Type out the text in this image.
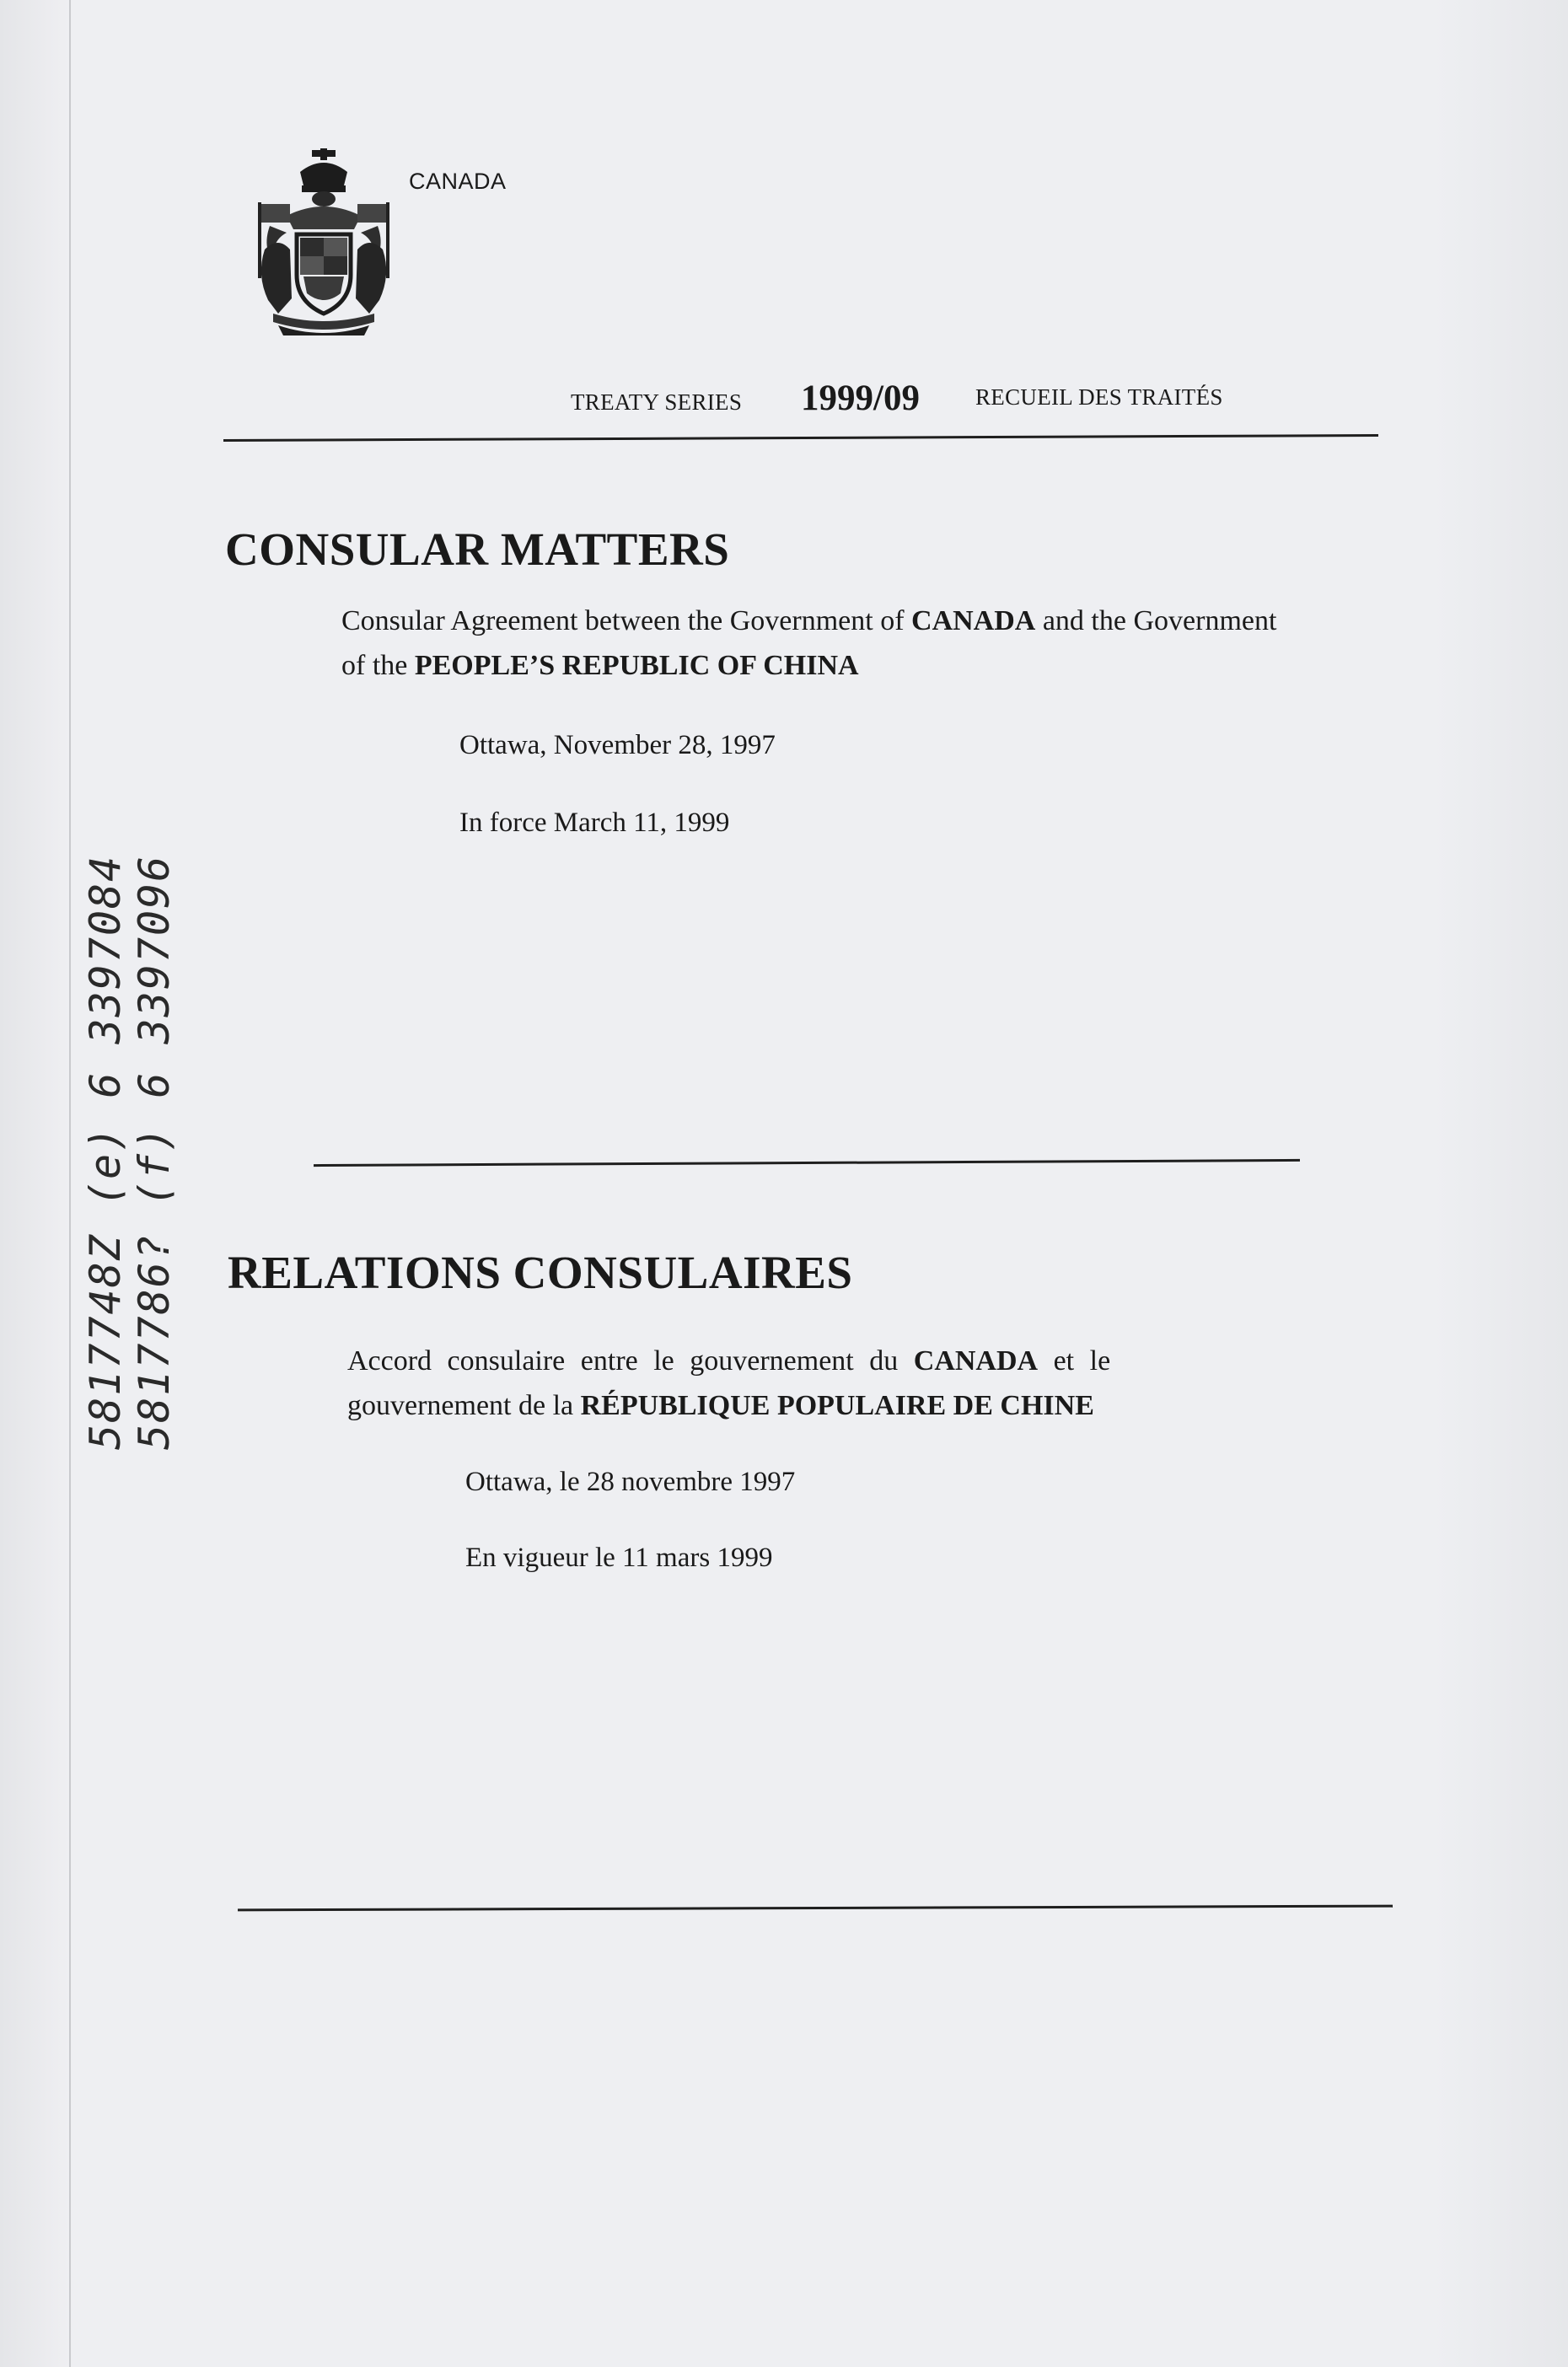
CANADA
TREATY SERIES 1999/09 RECUEIL DES TRAITÉS
CONSULAR MATTERS
Consular Agreement between the Government of CANADA and the Government
of the PEOPLE’S REPUBLIC OF CHINA
Ottawa, November 28, 1997
In force March 11, 1999
RELATIONS CONSULAIRES
Accord consulaire entre le gouvernement du CANADA et le
gouvernement de la RÉPUBLIQUE POPULAIRE DE CHINE
Ottawa, le 28 novembre 1997
En vigueur le 11 mars 1999
5817748Z (e) 6 3397084 5817786? (f) 6 3397096
